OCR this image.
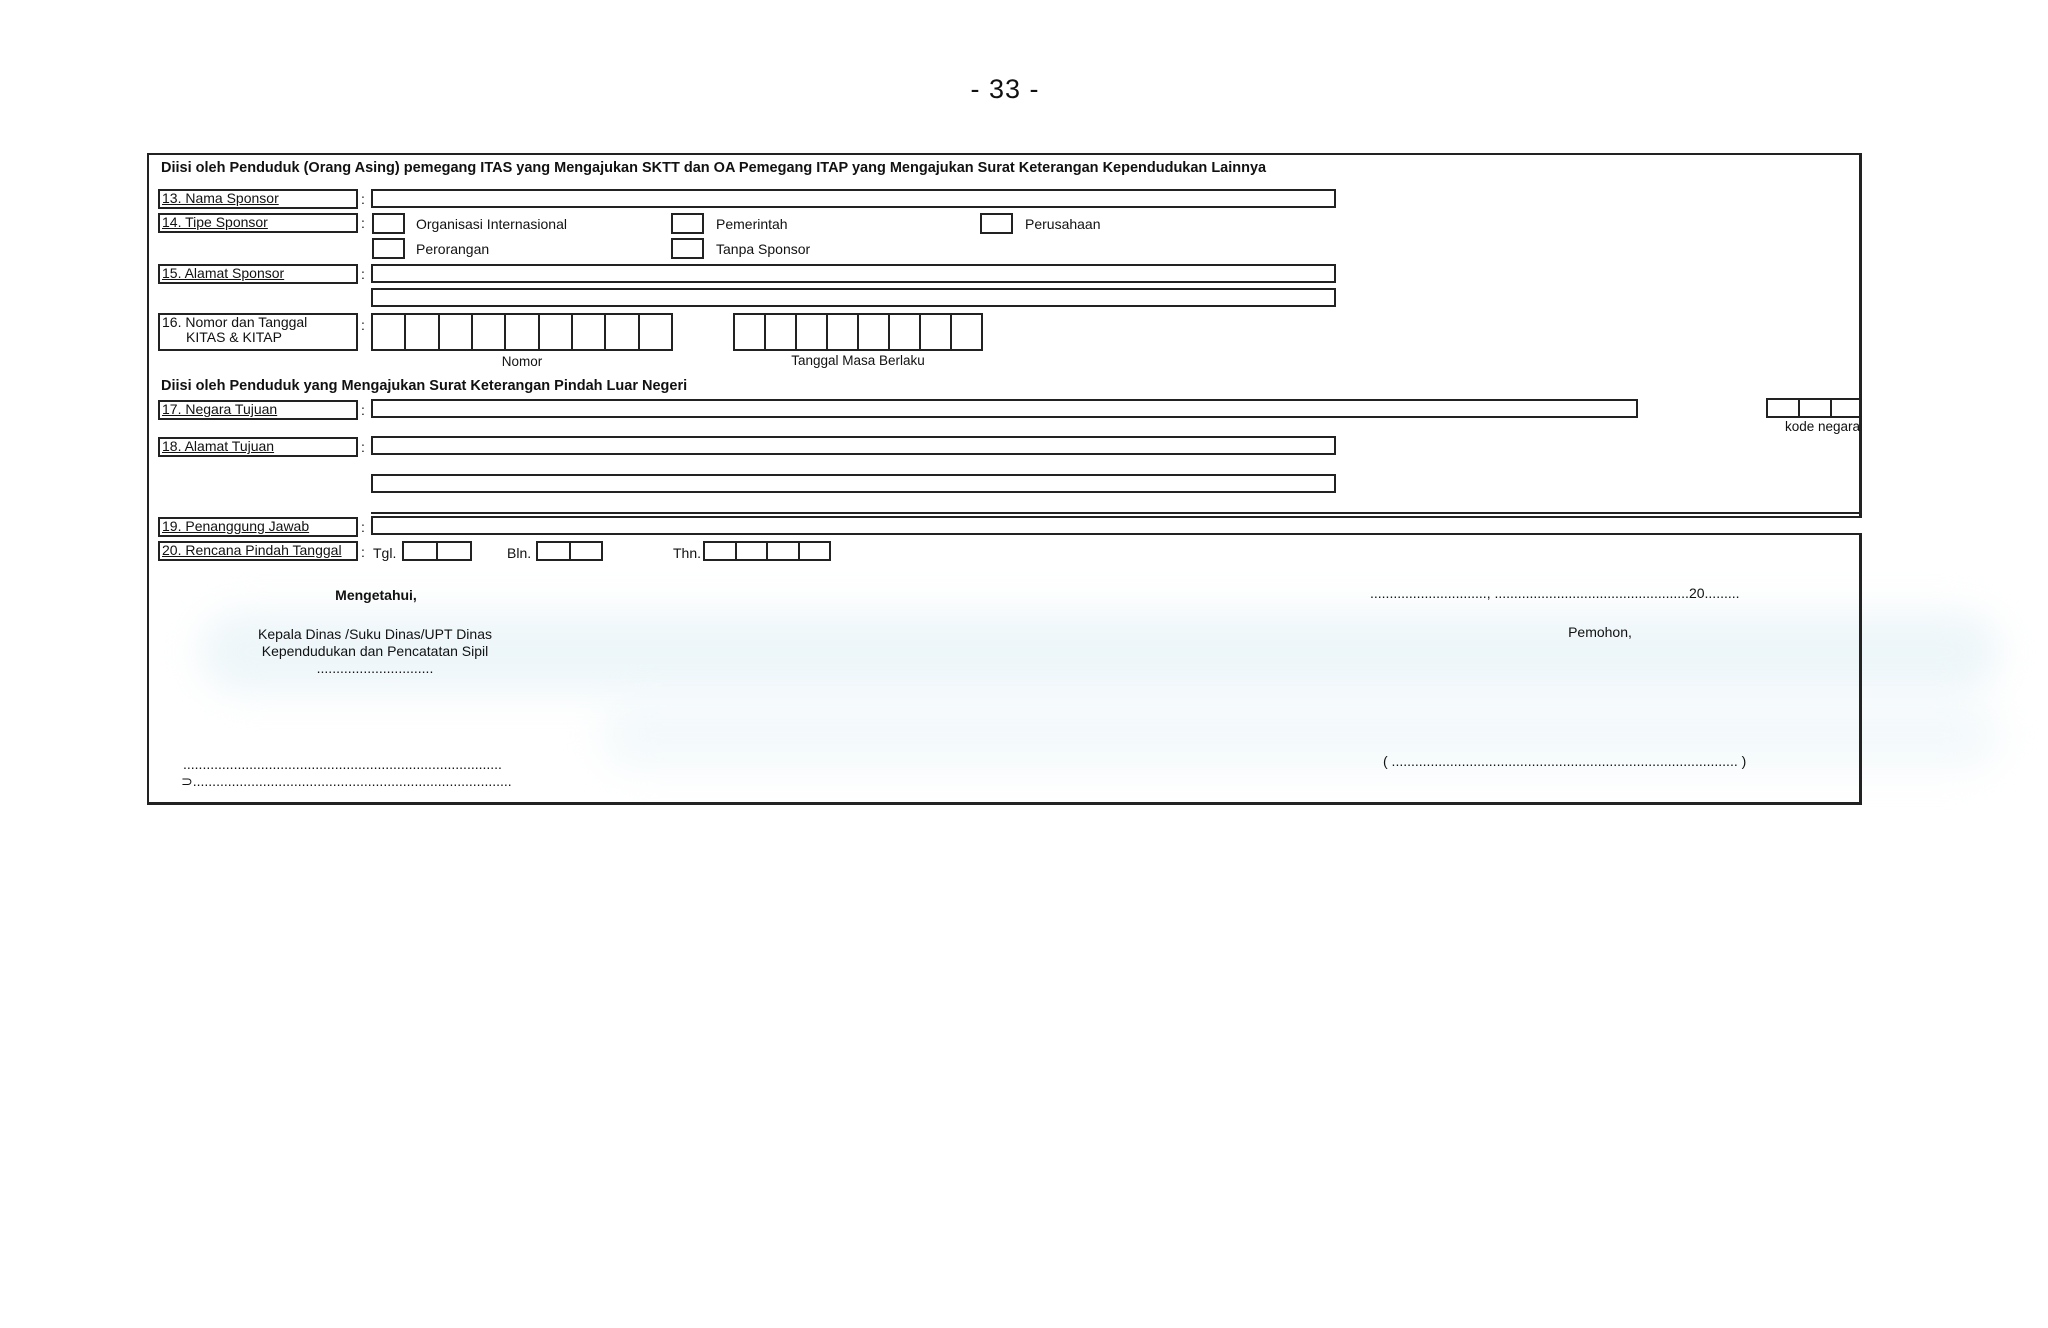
- 33 -
Diisi oleh Penduduk (Orang Asing) pemegang ITAS yang Mengajukan SKTT dan OA Pemegang ITAP yang Mengajukan Surat Keterangan Kependudukan Lainnya
13. Nama Sponsor	:
14. Tipe Sponsor	:	Organisasi Internasional	Pemerintah	Perusahaan
Perorangan	Tanpa Sponsor
15. Alamat Sponsor	:
16. Nomor dan Tanggal
KITAS & KITAP
:
Nomor	Tanggal Masa Berlaku
Diisi oleh Penduduk yang Mengajukan Surat Keterangan Pindah Luar Negeri
17. Negara Tujuan	:
kode negara
18. Alamat Tujuan	:
19. Penanggung Jawab	:
20. Rencana Pindah Tanggal	: Tgl.	Bln.	Thn.
Mengetahui,	.............................., ..................................................20.........
Kepala Dinas /Suku Dinas/UPT Dinas
Kependudukan dan Pencatatan Sipil
..............................
Pemohon,
..................................................................................
⊃..................................................................................
( ......................................................................................... )
